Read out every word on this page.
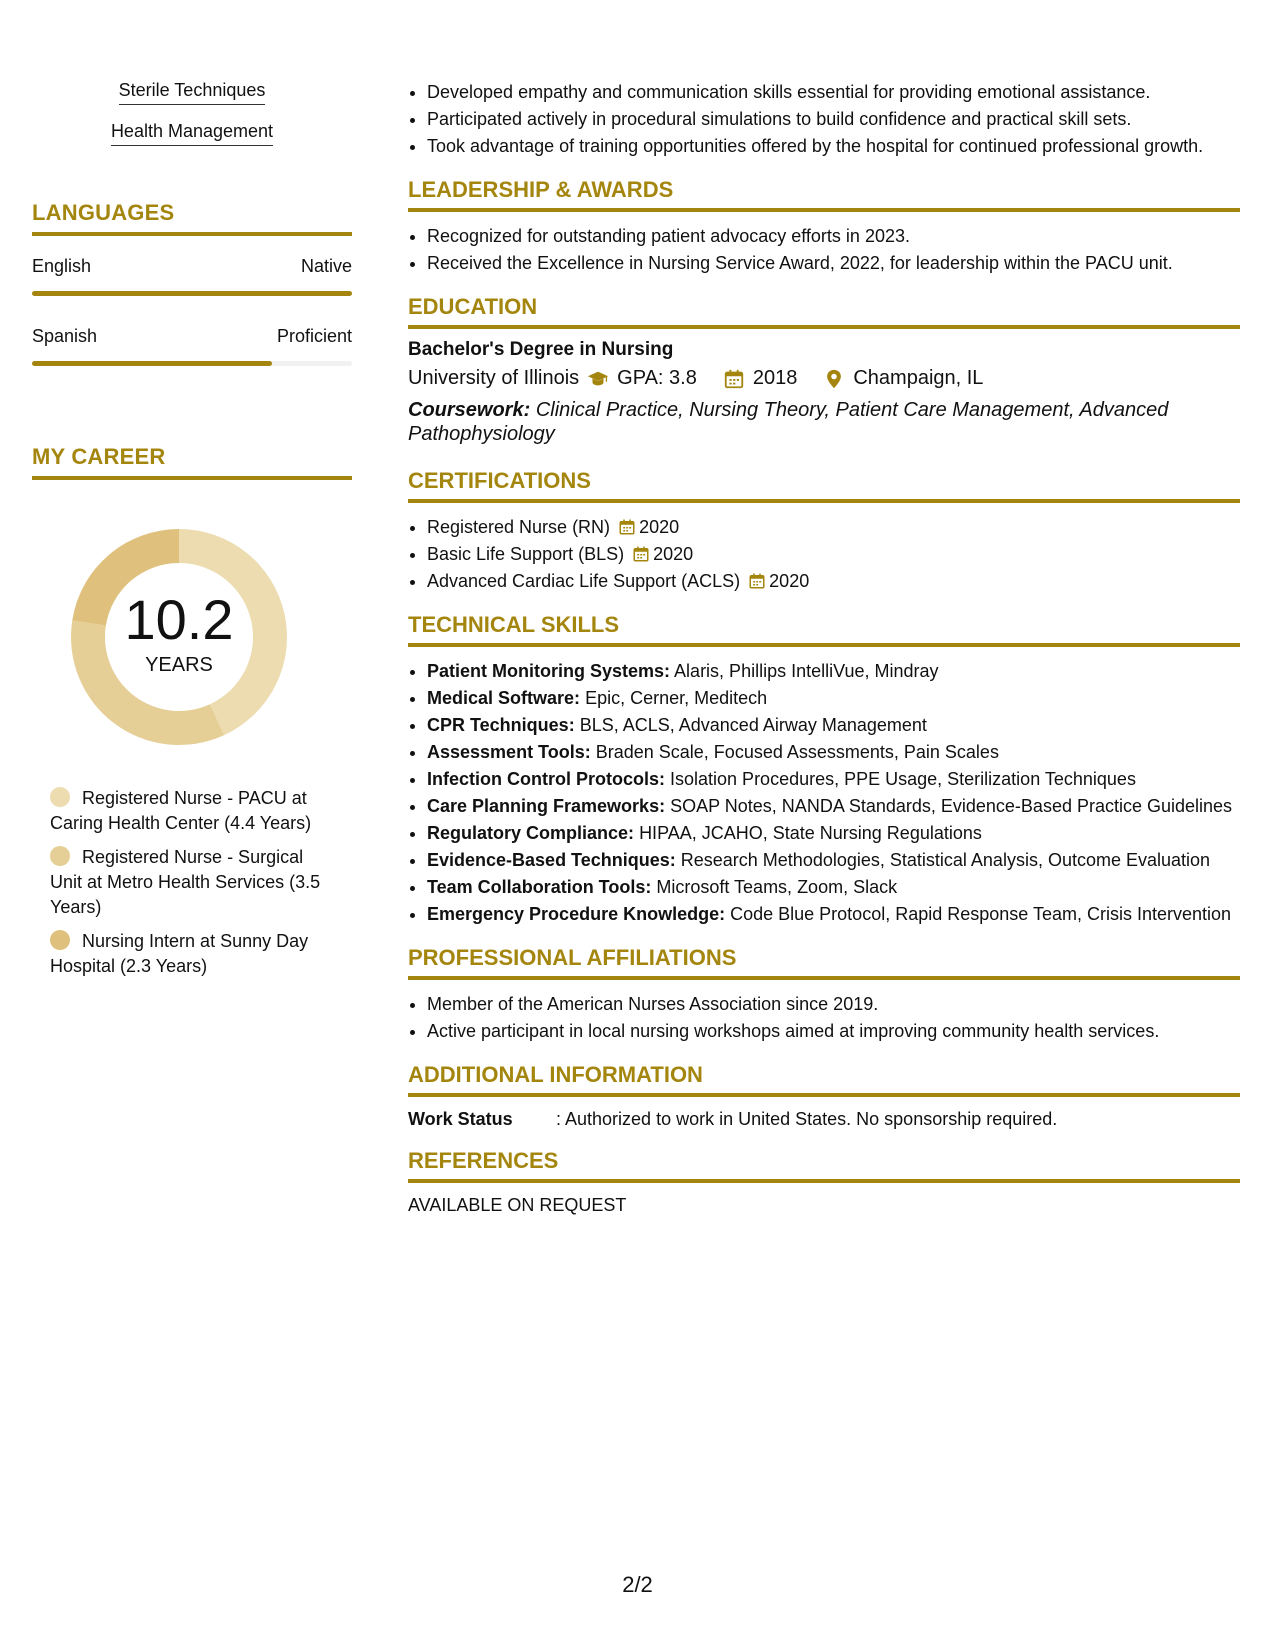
Sterile Techniques
Health Management
LANGUAGES
English	Native
Spanish	Proficient
MY CAREER
10.2
YEARS
Registered Nurse - PACU at Caring Health Center (4.4 Years)
Registered Nurse - Surgical Unit at Metro Health Services (3.5 Years)
Nursing Intern at Sunny Day Hospital (2.3 Years)
• Developed empathy and communication skills essential for providing emotional assistance.
• Participated actively in procedural simulations to build confidence and practical skill sets.
• Took advantage of training opportunities offered by the hospital for continued professional growth.
LEADERSHIP & AWARDS
• Recognized for outstanding patient advocacy efforts in 2023.
• Received the Excellence in Nursing Service Award, 2022, for leadership within the PACU unit.
EDUCATION
Bachelor's Degree in Nursing
University of Illinois GPA: 3.8	2018	Champaign, IL
Coursework: Clinical Practice, Nursing Theory, Patient Care Management, Advanced Pathophysiology
CERTIFICATIONS
• Registered Nurse (RN) 2020
• Basic Life Support (BLS) 2020
• Advanced Cardiac Life Support (ACLS) 2020
TECHNICAL SKILLS
• Patient Monitoring Systems: Alaris, Phillips IntelliVue, Mindray
• Medical Software: Epic, Cerner, Meditech
• CPR Techniques: BLS, ACLS, Advanced Airway Management
• Assessment Tools: Braden Scale, Focused Assessments, Pain Scales
• Infection Control Protocols: Isolation Procedures, PPE Usage, Sterilization Techniques
• Care Planning Frameworks: SOAP Notes, NANDA Standards, Evidence-Based Practice Guidelines
• Regulatory Compliance: HIPAA, JCAHO, State Nursing Regulations
• Evidence-Based Techniques: Research Methodologies, Statistical Analysis, Outcome Evaluation
• Team Collaboration Tools: Microsoft Teams, Zoom, Slack
• Emergency Procedure Knowledge: Code Blue Protocol, Rapid Response Team, Crisis Intervention
PROFESSIONAL AFFILIATIONS
• Member of the American Nurses Association since 2019.
• Active participant in local nursing workshops aimed at improving community health services.
ADDITIONAL INFORMATION
Work Status	: Authorized to work in United States. No sponsorship required.
REFERENCES
AVAILABLE ON REQUEST
2/2
